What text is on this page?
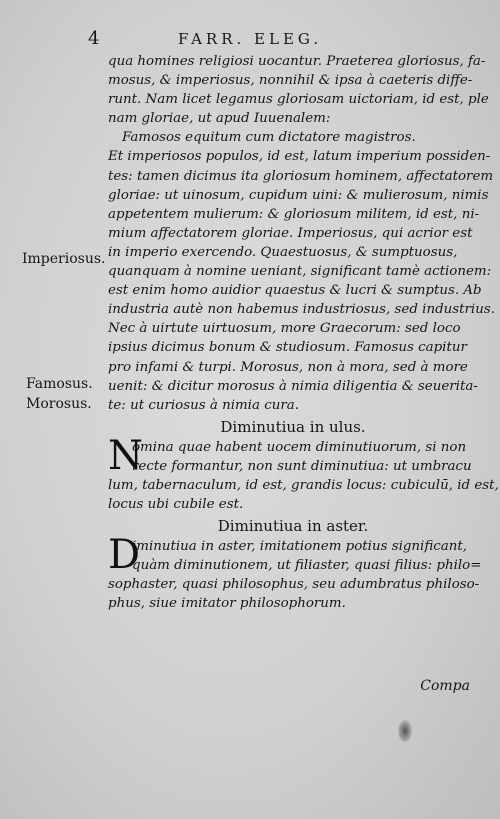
4	FARR. ELEG.
Imperiosus.
Famosus.
Morosus.
qua homines religiosi uocantur. Praeterea gloriosus, fa-
mosus, & imperiosus, nonnihil & ipsa à caeteris diffe-
runt. Nam licet legamus gloriosam uictoriam, id est, ple
nam gloriae, ut apud Iuuenalem:
Famosos equitum cum dictatore magistros.
Et imperiosos populos, id est, latum imperium possiden-
tes: tamen dicimus ita gloriosum hominem, affectatorem
gloriae: ut uinosum, cupidum uini: & mulierosum, nimis
appetentem mulierum: & gloriosum militem, id est, ni-
mium affectatorem gloriae. Imperiosus, qui acrior est
in imperio exercendo. Quaestuosus, & sumptuosus,
quanquam à nomine ueniant, significant tamè actionem:
est enim homo auidior quaestus & lucri & sumptus. Ab
industria autè non habemus industriosus, sed industrius.
Nec à uirtute uirtuosum, more Graecorum: sed loco
ipsius dicimus bonum & studiosum. Famosus capitur
pro infami & turpi. Morosus, non à mora, sed à more
uenit: & dicitur morosus à nimia diligentia & seuerita-
te: ut curiosus à nimia cura.
Diminutiua in ulus.
N
omina quae habent uocem diminutiuorum, si non
recte formantur, non sunt diminutiua: ut umbracu
lum, tabernaculum, id est, grandis locus: cubiculū, id est,
locus ubi cubile est.
Diminutiua in aster.
D
iminutiua in aster, imitationem potius significant,
quàm diminutionem, ut filiaster, quasi filius: philo=
sophaster, quasi philosophus, seu adumbratus philoso-
phus, siue imitator philosophorum.
Compa
